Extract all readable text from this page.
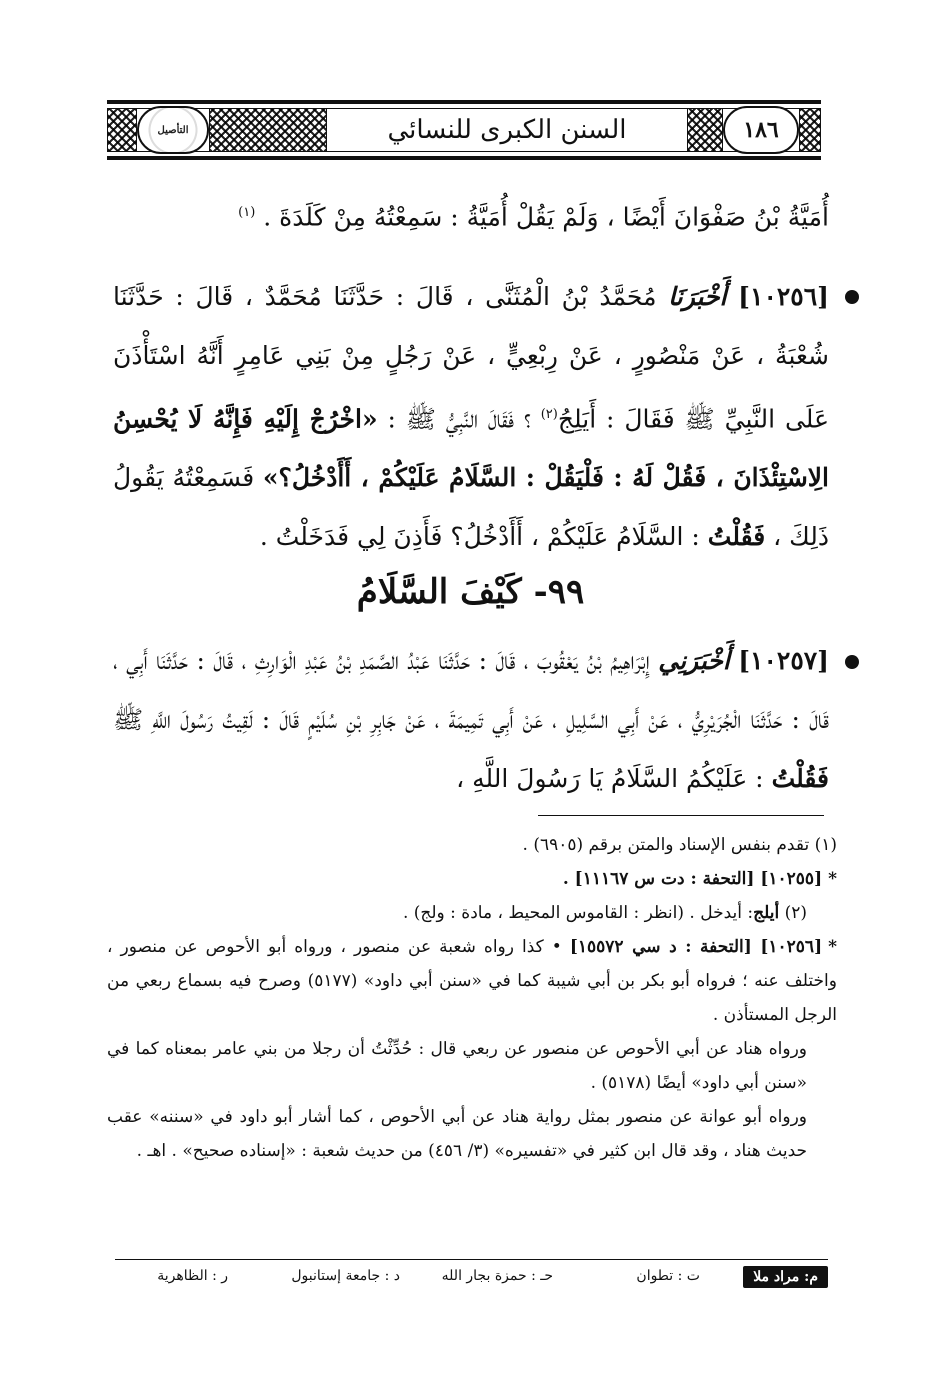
التأصيل	السنن الكبرى للنسائي	١٨٦
أُمَيَّةُ بْنُ صَفْوَانَ أَيْضًا ، وَلَمْ يَقُلْ أُمَيَّةُ : سَمِعْتُهُ مِنْ كَلَدَةَ . $^{(١)}$
[١٠٢٥٦] أَخْبَرَنَا مُحَمَّدُ بْنُ الْمُثَنَّى ، قَالَ : حَدَّثَنَا مُحَمَّدٌ ، قَالَ : حَدَّثَنَا شُعْبَةُ ، عَنْ مَنْصُورٍ ، عَنْ رِبْعِيٍّ ، عَنْ رَجُلٍ مِنْ بَنِي عَامِرٍ أَنَّهُ اسْتَأْذَنَ عَلَى النَّبِيِّ ﷺ فَقَالَ : أَيَلِجُ$^{(٢)}$ ؟ فَقَالَ النَّبِيُّ ﷺ : «اخْرُجْ إِلَيْهِ فَإِنَّهُ لَا يُحْسِنُ الِاسْتِئْذَانَ ، فَقُلْ لَهُ : فَلْيَقُلْ : السَّلَامُ عَلَيْكُمْ ، أَأَدْخُلُ؟» فَسَمِعْتُهُ يَقُولُ ذَلِكَ ، فَقُلْتُ : السَّلَامُ عَلَيْكُمْ ، أَأَدْخُلُ؟ فَأَذِنَ لِي فَدَخَلْتُ .
٩٩- كَيْفَ السَّلَامُ
[١٠٢٥٧] أَخْبَرَنِي إِبْرَاهِيمُ بْنُ يَعْقُوبَ ، قَالَ : حَدَّثَنَا عَبْدُ الصَّمَدِ بْنُ عَبْدِ الْوَارِثِ ، قَالَ : حَدَّثَنَا أَبِي ، قَالَ : حَدَّثَنَا الْجُرَيْرِيُّ ، عَنْ أَبِي السَّلِيلِ ، عَنْ أَبِي تَمِيمَةَ ، عَنْ جَابِرِ بْنِ سُلَيْمٍ قَالَ : لَقِيتُ رَسُولَ اللَّهِ ﷺ فَقُلْتُ : عَلَيْكُمُ السَّلَامُ يَا رَسُولَ اللَّهِ ،

(١) تقدم بنفس الإسناد والمتن برقم (٦٩٠٥) .

*[١٠٢٥٥] [التحفة : دت س ١١١٦٧] .

(٢) أيلج: أيدخل . (انظر : القاموس المحيط ، مادة : ولج) .

*[١٠٢٥٦] [التحفة : د سي ١٥٥٧٢] • كذا رواه شعبة عن منصور ، ورواه أبو الأحوص عن منصور ، واختلف عنه ؛ فرواه أبو بكر بن أبي شيبة كما في «سنن أبي داود» (٥١٧٧) وصرح فيه بسماع ربعي من الرجل المستأذن .

ورواه هناد عن أبي الأحوص عن منصور عن ربعي قال : حُدِّثْتُ أن رجلا من بني عامر بمعناه كما في «سنن أبي داود» أيضًا (٥١٧٨) .

ورواه أبو عوانة عن منصور بمثل رواية هناد عن أبي الأحوص ، كما أشار أبو داود في «سننه» عقب حديث هناد ، وقد قال ابن كثير في «تفسيره» (٣/ ٤٥٦) من حديث شعبة : «إسناده صحيح» . اهـ .

م: مراد ملا
ت : تطوان
حـ : حمزة بجار الله
د : جامعة إستانبول
ر : الظاهرية
